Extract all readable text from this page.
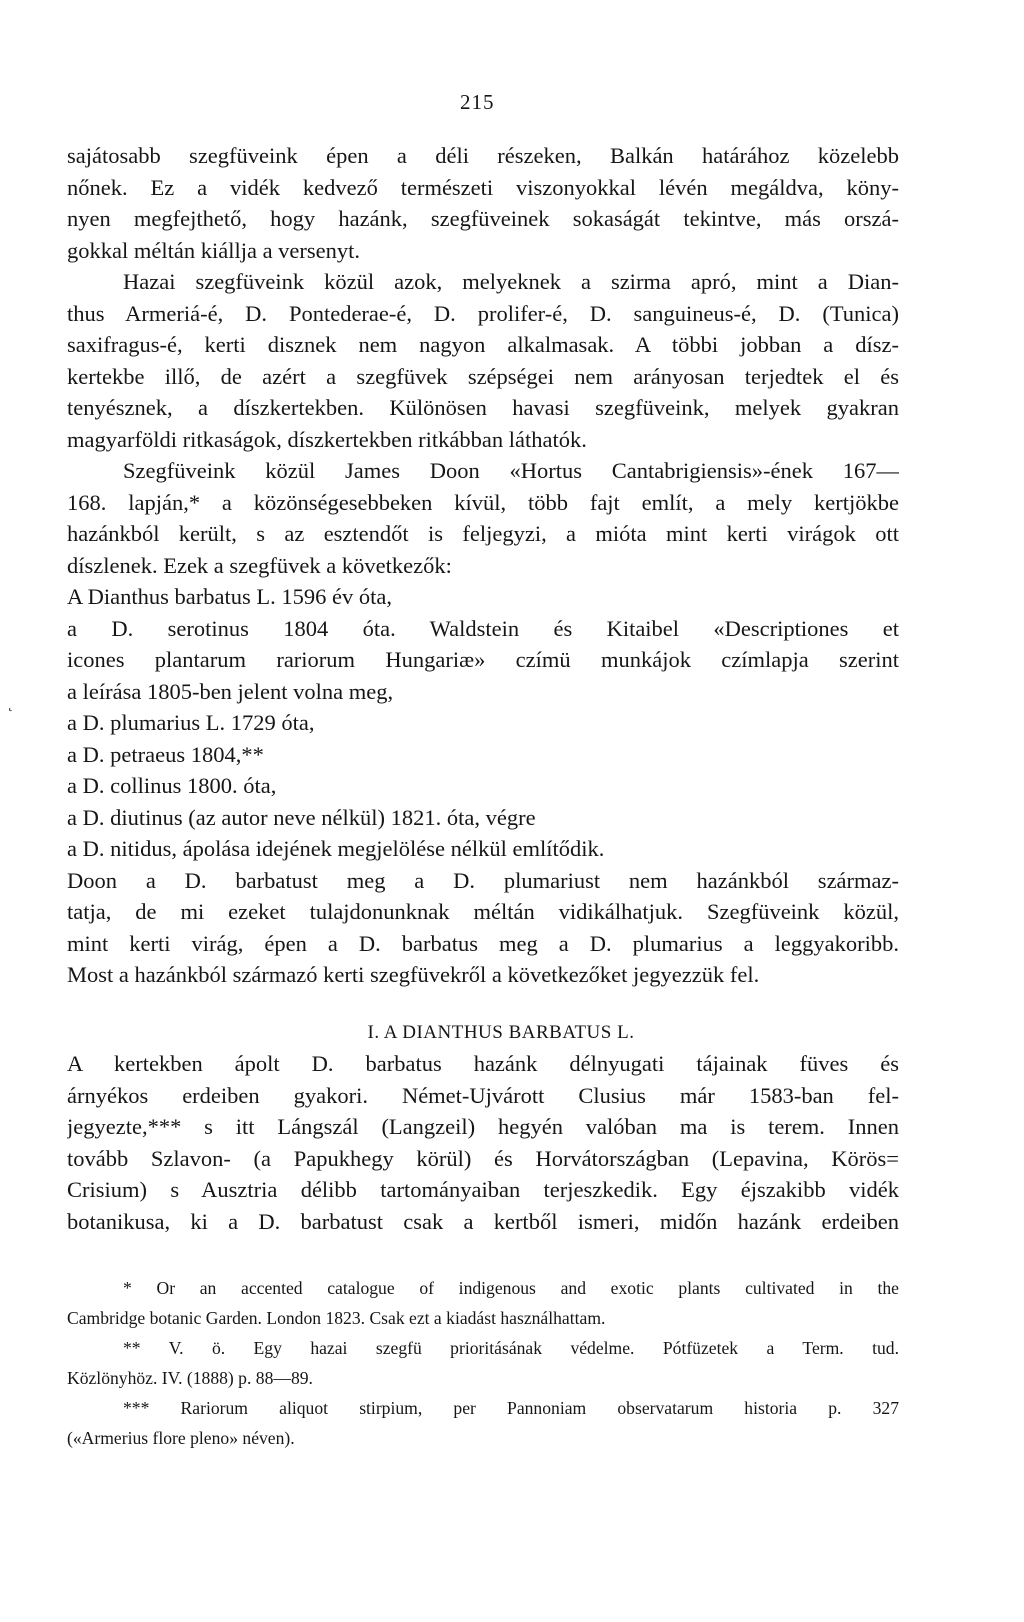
215
˛
sajátosabb szegfüveink épen a déli részeken, Balkán határához közelebb
nőnek. Ez a vidék kedvező természeti viszonyokkal lévén megáldva, köny-
nyen megfejthető, hogy hazánk, szegfüveinek sokaságát tekintve, más orszá-
gokkal méltán kiállja a versenyt.
Hazai szegfüveink közül azok, melyeknek a szirma apró, mint a Dian-
thus Armeriá-é, D. Pontederae-é, D. prolifer-é, D. sanguineus-é, D. (Tunica)
saxifragus-é, kerti disznek nem nagyon alkalmasak. A többi jobban a dísz-
kertekbe illő, de azért a szegfüvek szépségei nem arányosan terjedtek el és
tenyésznek, a díszkertekben. Különösen havasi szegfüveink, melyek gyakran
magyarföldi ritkaságok, díszkertekben ritkábban láthatók.
Szegfüveink közül James Doon «Hortus Cantabrigiensis»-ének 167—
168. lapján,* a közönségesebbeken kívül, több fajt említ, a mely kertjökbe
hazánkból került, s az esztendőt is feljegyzi, a mióta mint kerti virágok ott
díszlenek. Ezek a szegfüvek a következők:
A Dianthus barbatus L. 1596 év óta,
a D. serotinus 1804 óta. Waldstein és Kitaibel «Descriptiones et
icones plantarum rariorum Hungariæ» czímü munkájok czímlapja szerint
a leírása 1805-ben jelent volna meg,
a D. plumarius L. 1729 óta,
a D. petraeus 1804,**
a D. collinus 1800. óta,
a D. diutinus (az autor neve nélkül) 1821. óta, végre
a D. nitidus, ápolása idejének megjelölése nélkül említődik.
Doon a D. barbatust meg a D. plumariust nem hazánkból származ-
tatja, de mi ezeket tulajdonunknak méltán vidikálhatjuk. Szegfüveink közül,
mint kerti virág, épen a D. barbatus meg a D. plumarius a leggyakoribb.
Most a hazánkból származó kerti szegfüvekről a következőket jegyezzük fel.
I. A DIANTHUS BARBATUS L.
A kertekben ápolt D. barbatus hazánk délnyugati tájainak füves és
árnyékos erdeiben gyakori. Német-Ujvárott Clusius már 1583-ban fel-
jegyezte,*** s itt Lángszál (Langzeil) hegyén valóban ma is terem. Innen
tovább Szlavon- (a Papukhegy körül) és Horvátországban (Lepavina, Körös=
Crisium) s Ausztria délibb tartományaiban terjeszkedik. Egy éjszakibb vidék
botanikusa, ki a D. barbatust csak a kertből ismeri, midőn hazánk erdeiben
* Or an accented catalogue of indigenous and exotic plants cultivated in the
Cambridge botanic Garden. London 1823. Csak ezt a kiadást használhattam.
** V. ö. Egy hazai szegfü prioritásának védelme. Pótfüzetek a Term. tud.
Közlönyhöz. IV. (1888) p. 88—89.
*** Rariorum aliquot stirpium, per Pannoniam observatarum historia p. 327
(«Armerius flore pleno» néven).
